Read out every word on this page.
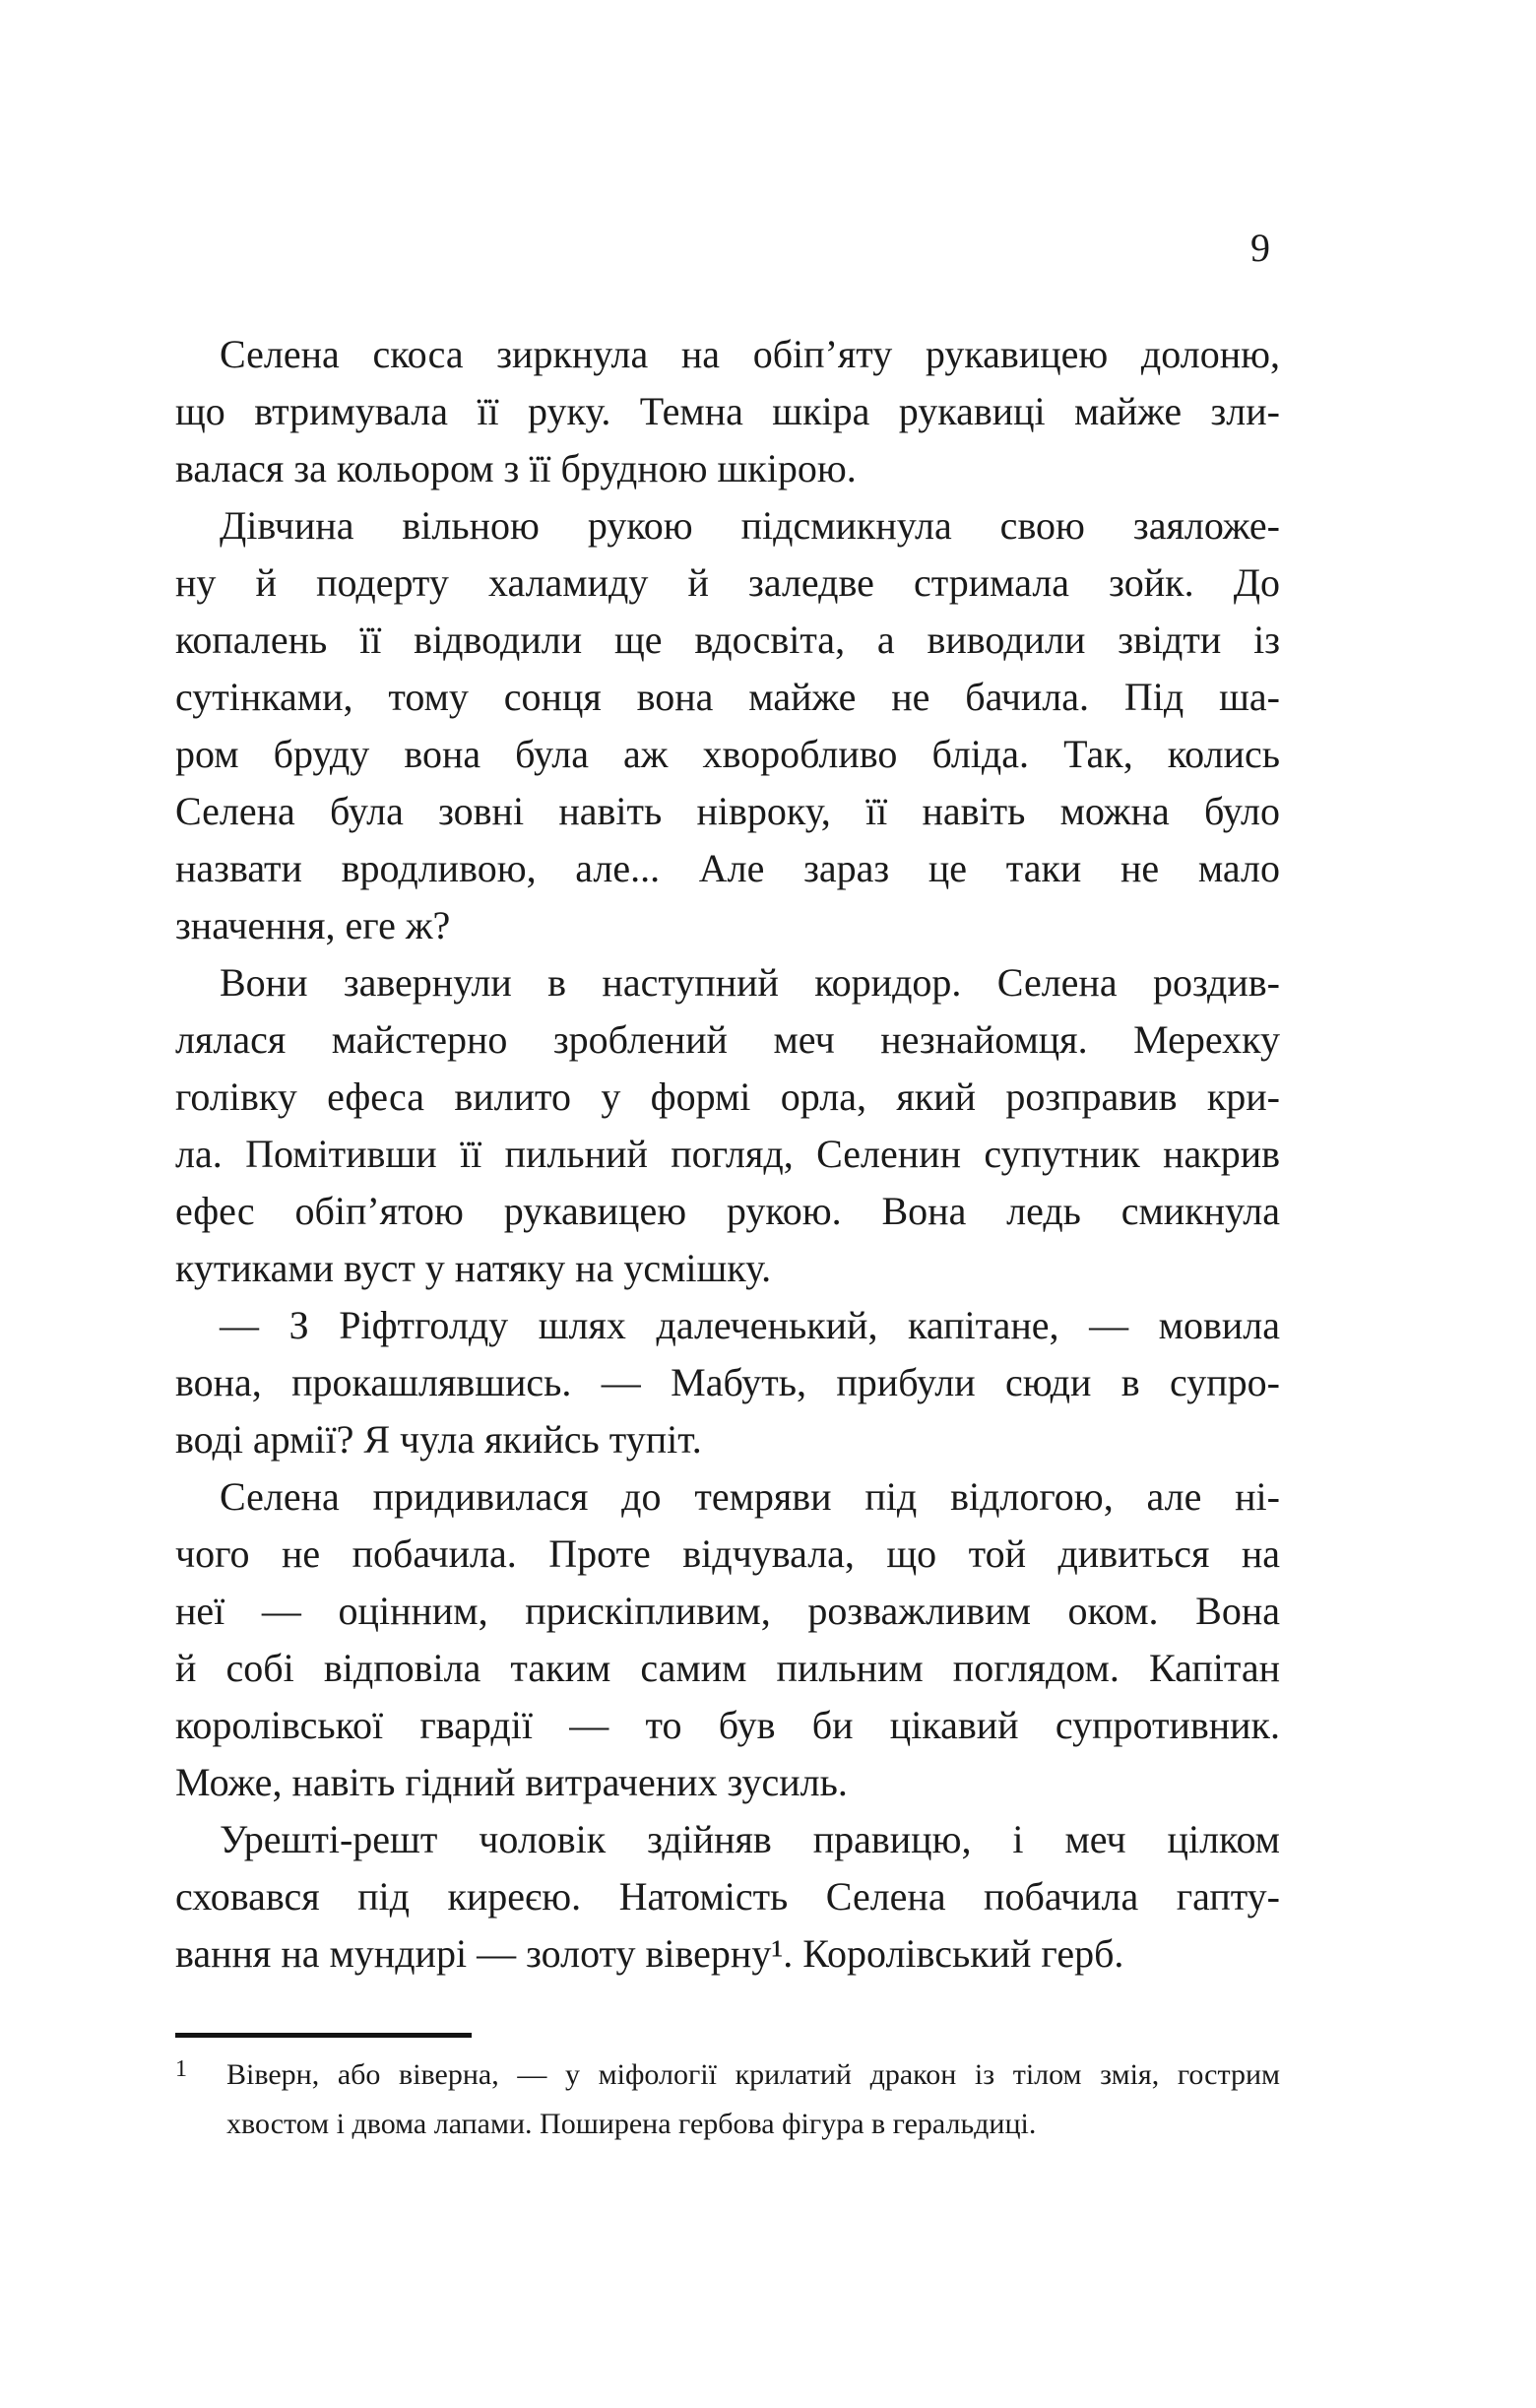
9
Селена скоса зиркнула на обіп’яту рукавицею долоню,
що втримувала її руку. Темна шкіра рукавиці майже зли-
валася за кольором з її брудною шкірою.
Дівчина вільною рукою підсмикнула свою заяложе-
ну й подерту халамиду й заледве стримала зойк. До
копалень її відводили ще вдосвіта, а виводили звідти із
сутінками, тому сонця вона майже не бачила. Під ша-
ром бруду вона була аж хворобливо бліда. Так, колись
Селена була зовні навіть нівроку, її навіть можна було
назвати вродливою, але... Але зараз це таки не мало
значення, еге ж?
Вони завернули в наступний коридор. Селена роздив-
лялася майстерно зроблений меч незнайомця. Мерехку
голівку ефеса вилито у формі орла, який розправив кри-
ла. Помітивши її пильний погляд, Селенин супутник накрив
ефес обіп’ятою рукавицею рукою. Вона ледь смикнула
кутиками вуст у натяку на усмішку.
— З Ріфтголду шлях далеченький, капітане, — мовила
вона, прокашлявшись. — Мабуть, прибули сюди в супро-
воді армії? Я чула якийсь тупіт.
Селена придивилася до темряви під відлогою, але ні-
чого не побачила. Проте відчувала, що той дивиться на
неї — оцінним, прискіпливим, розважливим оком. Вона
й собі відповіла таким самим пильним поглядом. Капітан
королівської гвардії — то був би цікавий супротивник.
Може, навіть гідний витрачених зусиль.
Урешті-решт чоловік здійняв правицю, і меч цілком
сховався під киреєю. Натомість Селена побачила гапту-
вання на мундирі — золоту віверну¹. Королівський герб.
1	Віверн, або віверна, — у міфології крилатий дракон із тілом змія, гострим
хвостом і двома лапами. Поширена гербова фігура в геральдиці.
